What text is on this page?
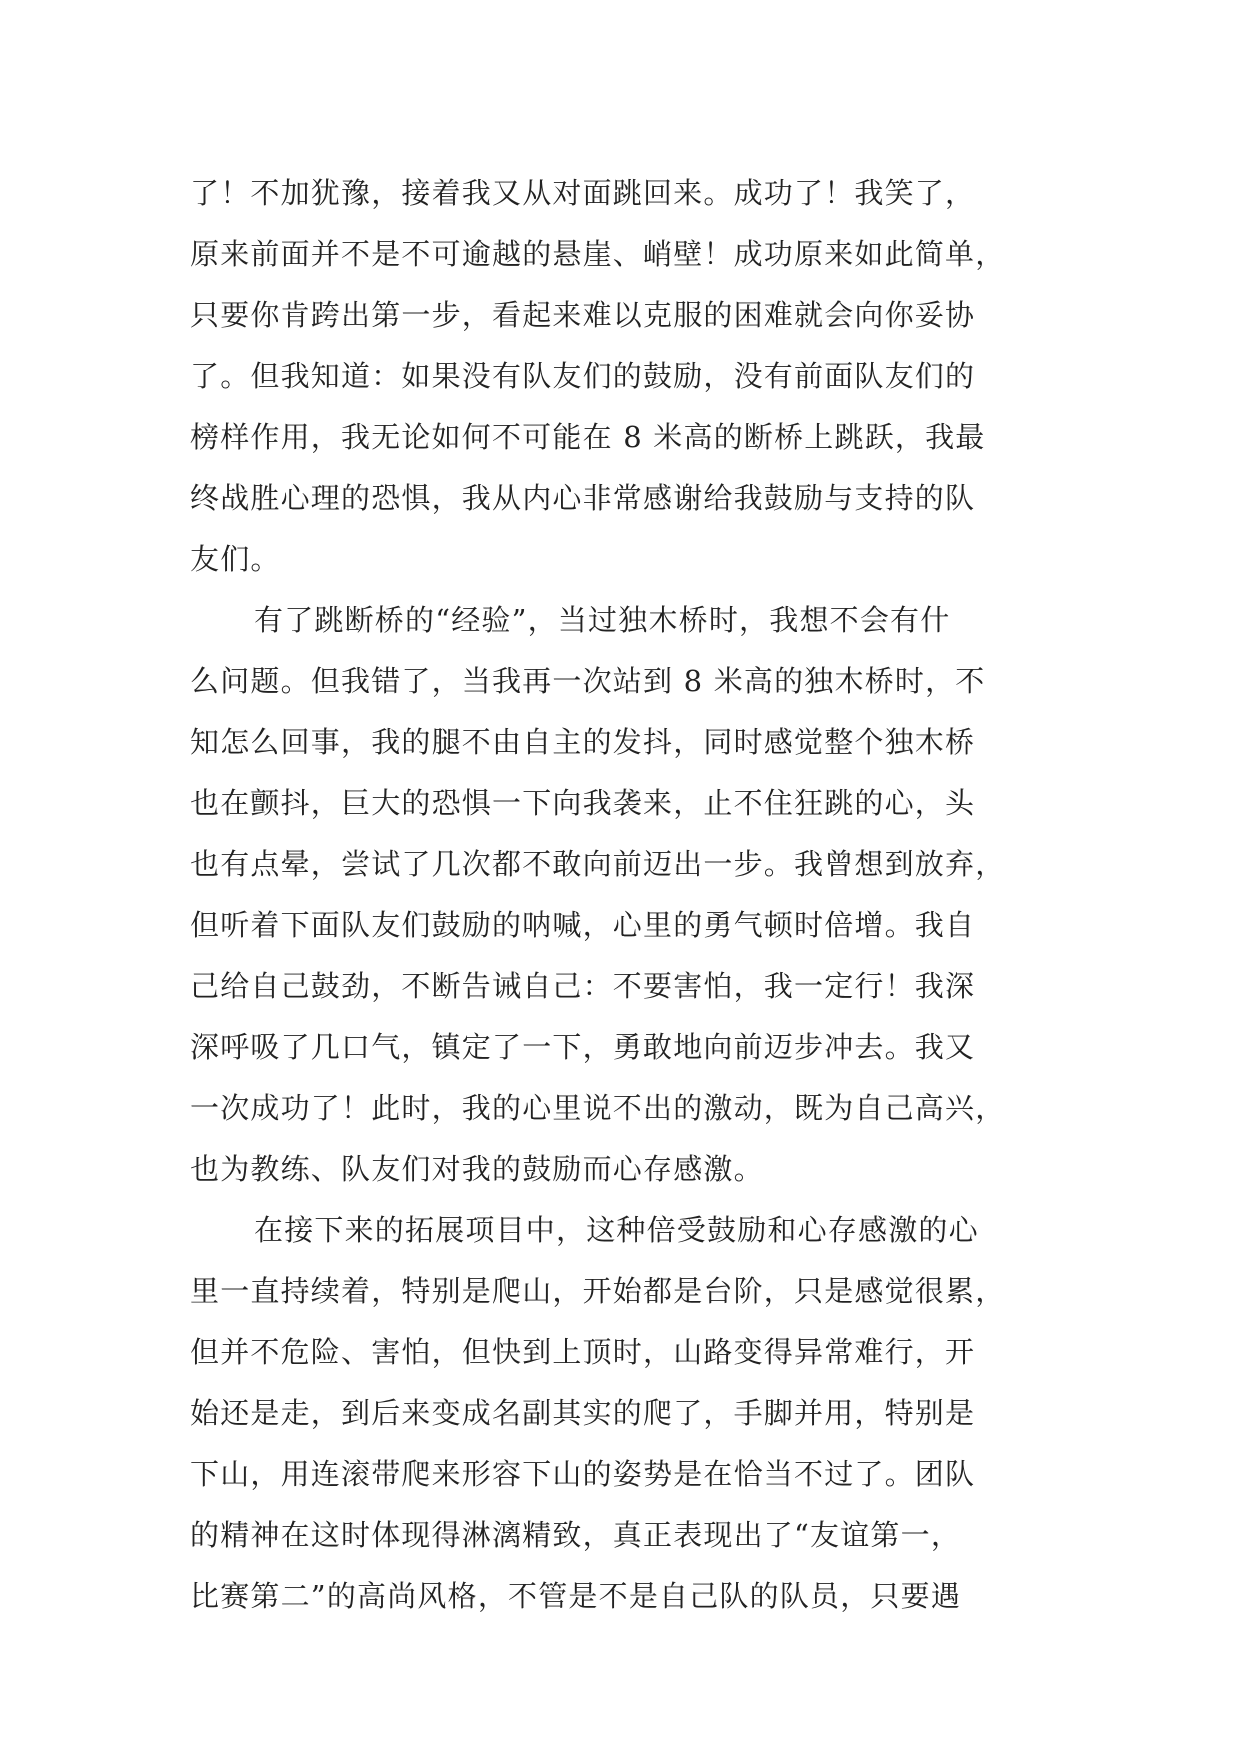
了！不加犹豫，接着我又从对面跳回来。成功了！我笑了，
原来前面并不是不可逾越的悬崖、峭壁！成功原来如此简单，
只要你肯跨出第一步，看起来难以克服的困难就会向你妥协
了。但我知道：如果没有队友们的鼓励，没有前面队友们的
榜样作用，我无论如何不可能在 8 米高的断桥上跳跃，我最
终战胜心理的恐惧，我从内心非常感谢给我鼓励与支持的队
友们。
有了跳断桥的“经验”，当过独木桥时，我想不会有什
么问题。但我错了，当我再一次站到 8 米高的独木桥时，不
知怎么回事，我的腿不由自主的发抖，同时感觉整个独木桥
也在颤抖，巨大的恐惧一下向我袭来，止不住狂跳的心，头
也有点晕，尝试了几次都不敢向前迈出一步。我曾想到放弃，
但听着下面队友们鼓励的呐喊，心里的勇气顿时倍增。我自
己给自己鼓劲，不断告诫自己：不要害怕，我一定行！我深
深呼吸了几口气，镇定了一下，勇敢地向前迈步冲去。我又
一次成功了！此时，我的心里说不出的激动，既为自己高兴，
也为教练、队友们对我的鼓励而心存感激。
在接下来的拓展项目中，这种倍受鼓励和心存感激的心
里一直持续着，特别是爬山，开始都是台阶，只是感觉很累，
但并不危险、害怕，但快到上顶时，山路变得异常难行，开
始还是走，到后来变成名副其实的爬了，手脚并用，特别是
下山，用连滚带爬来形容下山的姿势是在恰当不过了。团队
的精神在这时体现得淋漓精致，真正表现出了“友谊第一，
比赛第二”的高尚风格，不管是不是自己队的队员，只要遇
